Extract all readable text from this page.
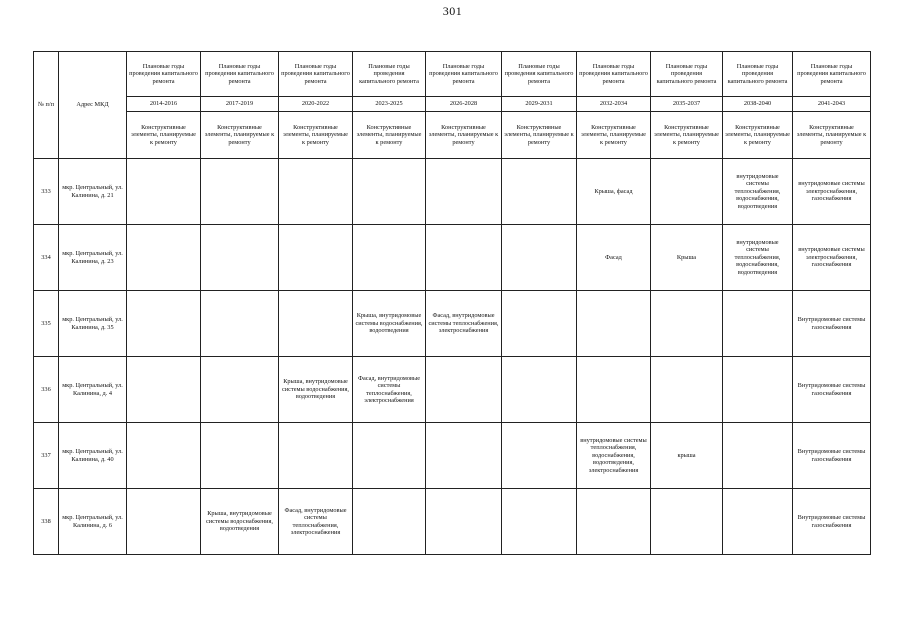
301
№ п/п	Адрес МКД	Плановые годы проведения капитального ремонта	Плановые годы проведения капитального ремонта	Плановые годы проведения капитального ремонта	Плановые годы проведения капитального ремонта	Плановые годы проведения капитального ремонта	Плановые годы проведения капитального ремонта	Плановые годы проведения капитального ремонта	Плановые годы проведения капитального ремонта	Плановые годы проведения капитального ремонта	Плановые годы проведения капитального ремонта
		2014-2016	2017-2019	2020-2022	2023-2025	2026-2028	2029-2031	2032-2034	2035-2037	2038-2040	2041-2043
		Конструктивные элементы, планируемые к ремонту	Конструктивные элементы, планируемые к ремонту	Конструктивные элементы, планируемые к ремонту	Конструктивные элементы, планируемые к ремонту	Конструктивные элементы, планируемые к ремонту	Конструктивные элементы, планируемые к ремонту	Конструктивные элементы, планируемые к ремонту	Конструктивные элементы, планируемые к ремонту	Конструктивные элементы, планируемые к ремонту	Конструктивные элементы, планируемые к ремонту
333	мкр. Центральный, ул. Калинина, д. 21							Крыша, фасад		внутридомовые системы теплоснабжения, водоснабжения, водоотведения	внутридомовые системы электроснабжения, газоснабжения
334	мкр. Центральный, ул. Калинина, д. 23							Фасад	Крыша	внутридомовые системы теплоснабжения, водоснабжения, водоотведения	внутридомовые системы электроснабжения, газоснабжения
335	мкр. Центральный, ул. Калинина, д. 35				Крыша, внутридомовые системы водоснабжения, водоотведения	Фасад, внутридомовые системы теплоснабжения, электроснабжения					Внутридомовые системы газоснабжения
336	мкр. Центральный, ул. Калинина, д. 4			Крыша, внутридомовые системы водоснабжения, водоотведения	Фасад, внутридомовые системы теплоснабжения, электроснабжения						Внутридомовые системы газоснабжения
337	мкр. Центральный, ул. Калинина, д. 40							внутридомовые системы теплоснабжения, водоснабжения, водоотведения, электроснабжения	крыша		Внутридомовые системы газоснабжения
338	мкр. Центральный, ул. Калинина, д. 6		Крыша, внутридомовые системы водоснабжения, водоотведения	Фасад, внутридомовые системы теплоснабжения, электроснабжения							Внутридомовые системы газоснабжения
